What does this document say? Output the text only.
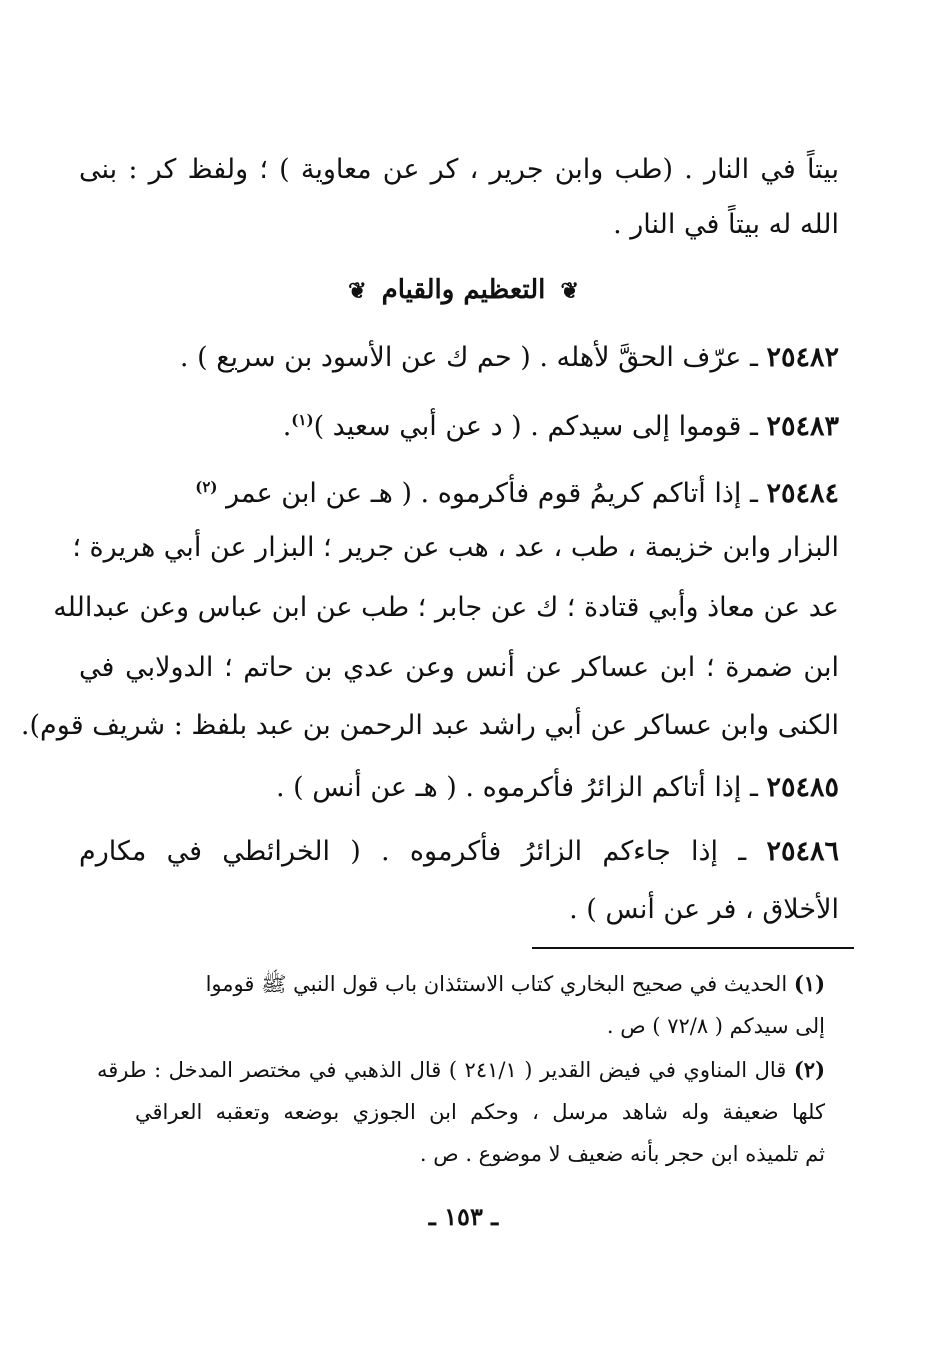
بيتاً في النار . (طب وابن جرير ، كر عن معاوية ) ؛ ولفظ كر : بنى
الله له بيتاً في النار .
❦ التعظيم والقيام ❦
٢٥٤٨٢ ـ عرّف الحقَّ لأهله . ( حم ك عن الأسود بن سريع ) .
٢٥٤٨٣ ـ قوموا إلى سيدكم . ( د عن أبي سعيد )$^{(١)}$.
٢٥٤٨٤ ـ إذا أتاكم كريمُ قوم فأكرموه . ( هـ عن ابن عمر $^{(٢)}$
البزار وابن خزيمة ، طب ، عد ، هب عن جرير ؛ البزار عن أبي هريرة ؛
عد عن معاذ وأبي قتادة ؛ ك عن جابر ؛ طب عن ابن عباس وعن عبدالله
ابن ضمرة ؛ ابن عساكر عن أنس وعن عدي بن حاتم ؛ الدولابي في
الكنى وابن عساكر عن أبي راشد عبد الرحمن بن عبد بلفظ : شريف قوم).
٢٥٤٨٥ ـ إذا أتاكم الزائرُ فأكرموه . ( هـ عن أنس ) .
٢٥٤٨٦ ـ إذا جاءكم الزائرُ فأكرموه . ( الخرائطي في مكارم
الأخلاق ، فر عن أنس ) .
(١) الحديث في صحيح البخاري كتاب الاستئذان باب قول النبي ﷺ قوموا
إلى سيدكم ( ٧٢/٨ ) ص .
(٢) قال المناوي في فيض القدير ( ٢٤١/١ ) قال الذهبي في مختصر المدخل : طرقه
كلها ضعيفة وله شاهد مرسل ، وحكم ابن الجوزي بوضعه وتعقبه العراقي
ثم تلميذه ابن حجر بأنه ضعيف لا موضوع . ص .
ـ ١٥٣ ـ
